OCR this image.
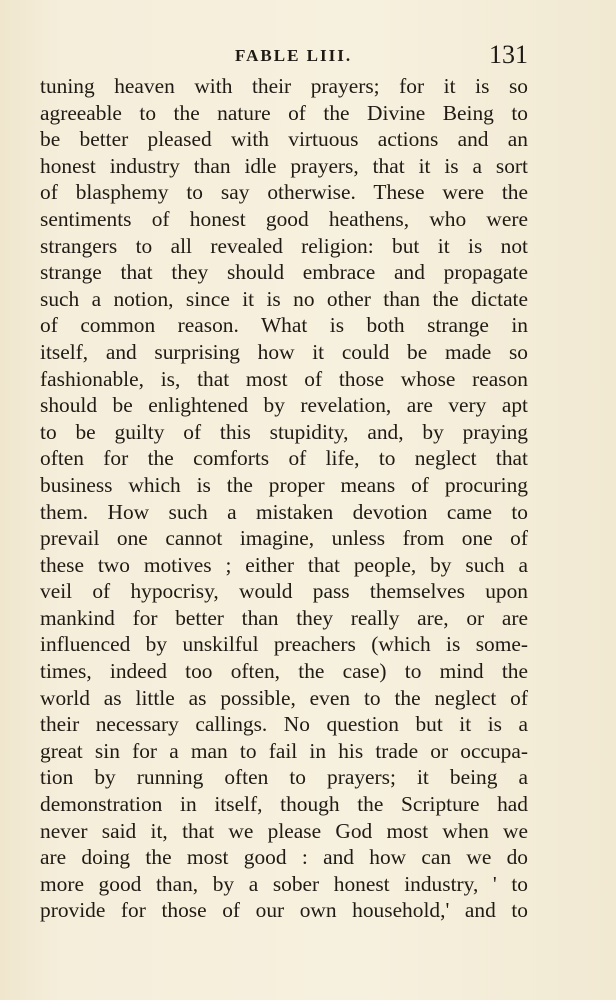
FABLE LIII.	131
tuning heaven with their prayers; for it is so
agreeable to the nature of the Divine Being to
be better pleased with virtuous actions and an
honest industry than idle prayers, that it is a sort
of blasphemy to say otherwise. These were the
sentiments of honest good heathens, who were
strangers to all revealed religion: but it is not
strange that they should embrace and propagate
such a notion, since it is no other than the dictate
of common reason. What is both strange in
itself, and surprising how it could be made so
fashionable, is, that most of those whose reason
should be enlightened by revelation, are very apt
to be guilty of this stupidity, and, by praying
often for the comforts of life, to neglect that
business which is the proper means of procuring
them. How such a mistaken devotion came to
prevail one cannot imagine, unless from one of
these two motives ; either that people, by such a
veil of hypocrisy, would pass themselves upon
mankind for better than they really are, or are
influenced by unskilful preachers (which is some-
times, indeed too often, the case) to mind the
world as little as possible, even to the neglect of
their necessary callings. No question but it is a
great sin for a man to fail in his trade or occupa-
tion by running often to prayers; it being a
demonstration in itself, though the Scripture had
never said it, that we please God most when we
are doing the most good : and how can we do
more good than, by a sober honest industry, ' to
provide for those of our own household,' and to
